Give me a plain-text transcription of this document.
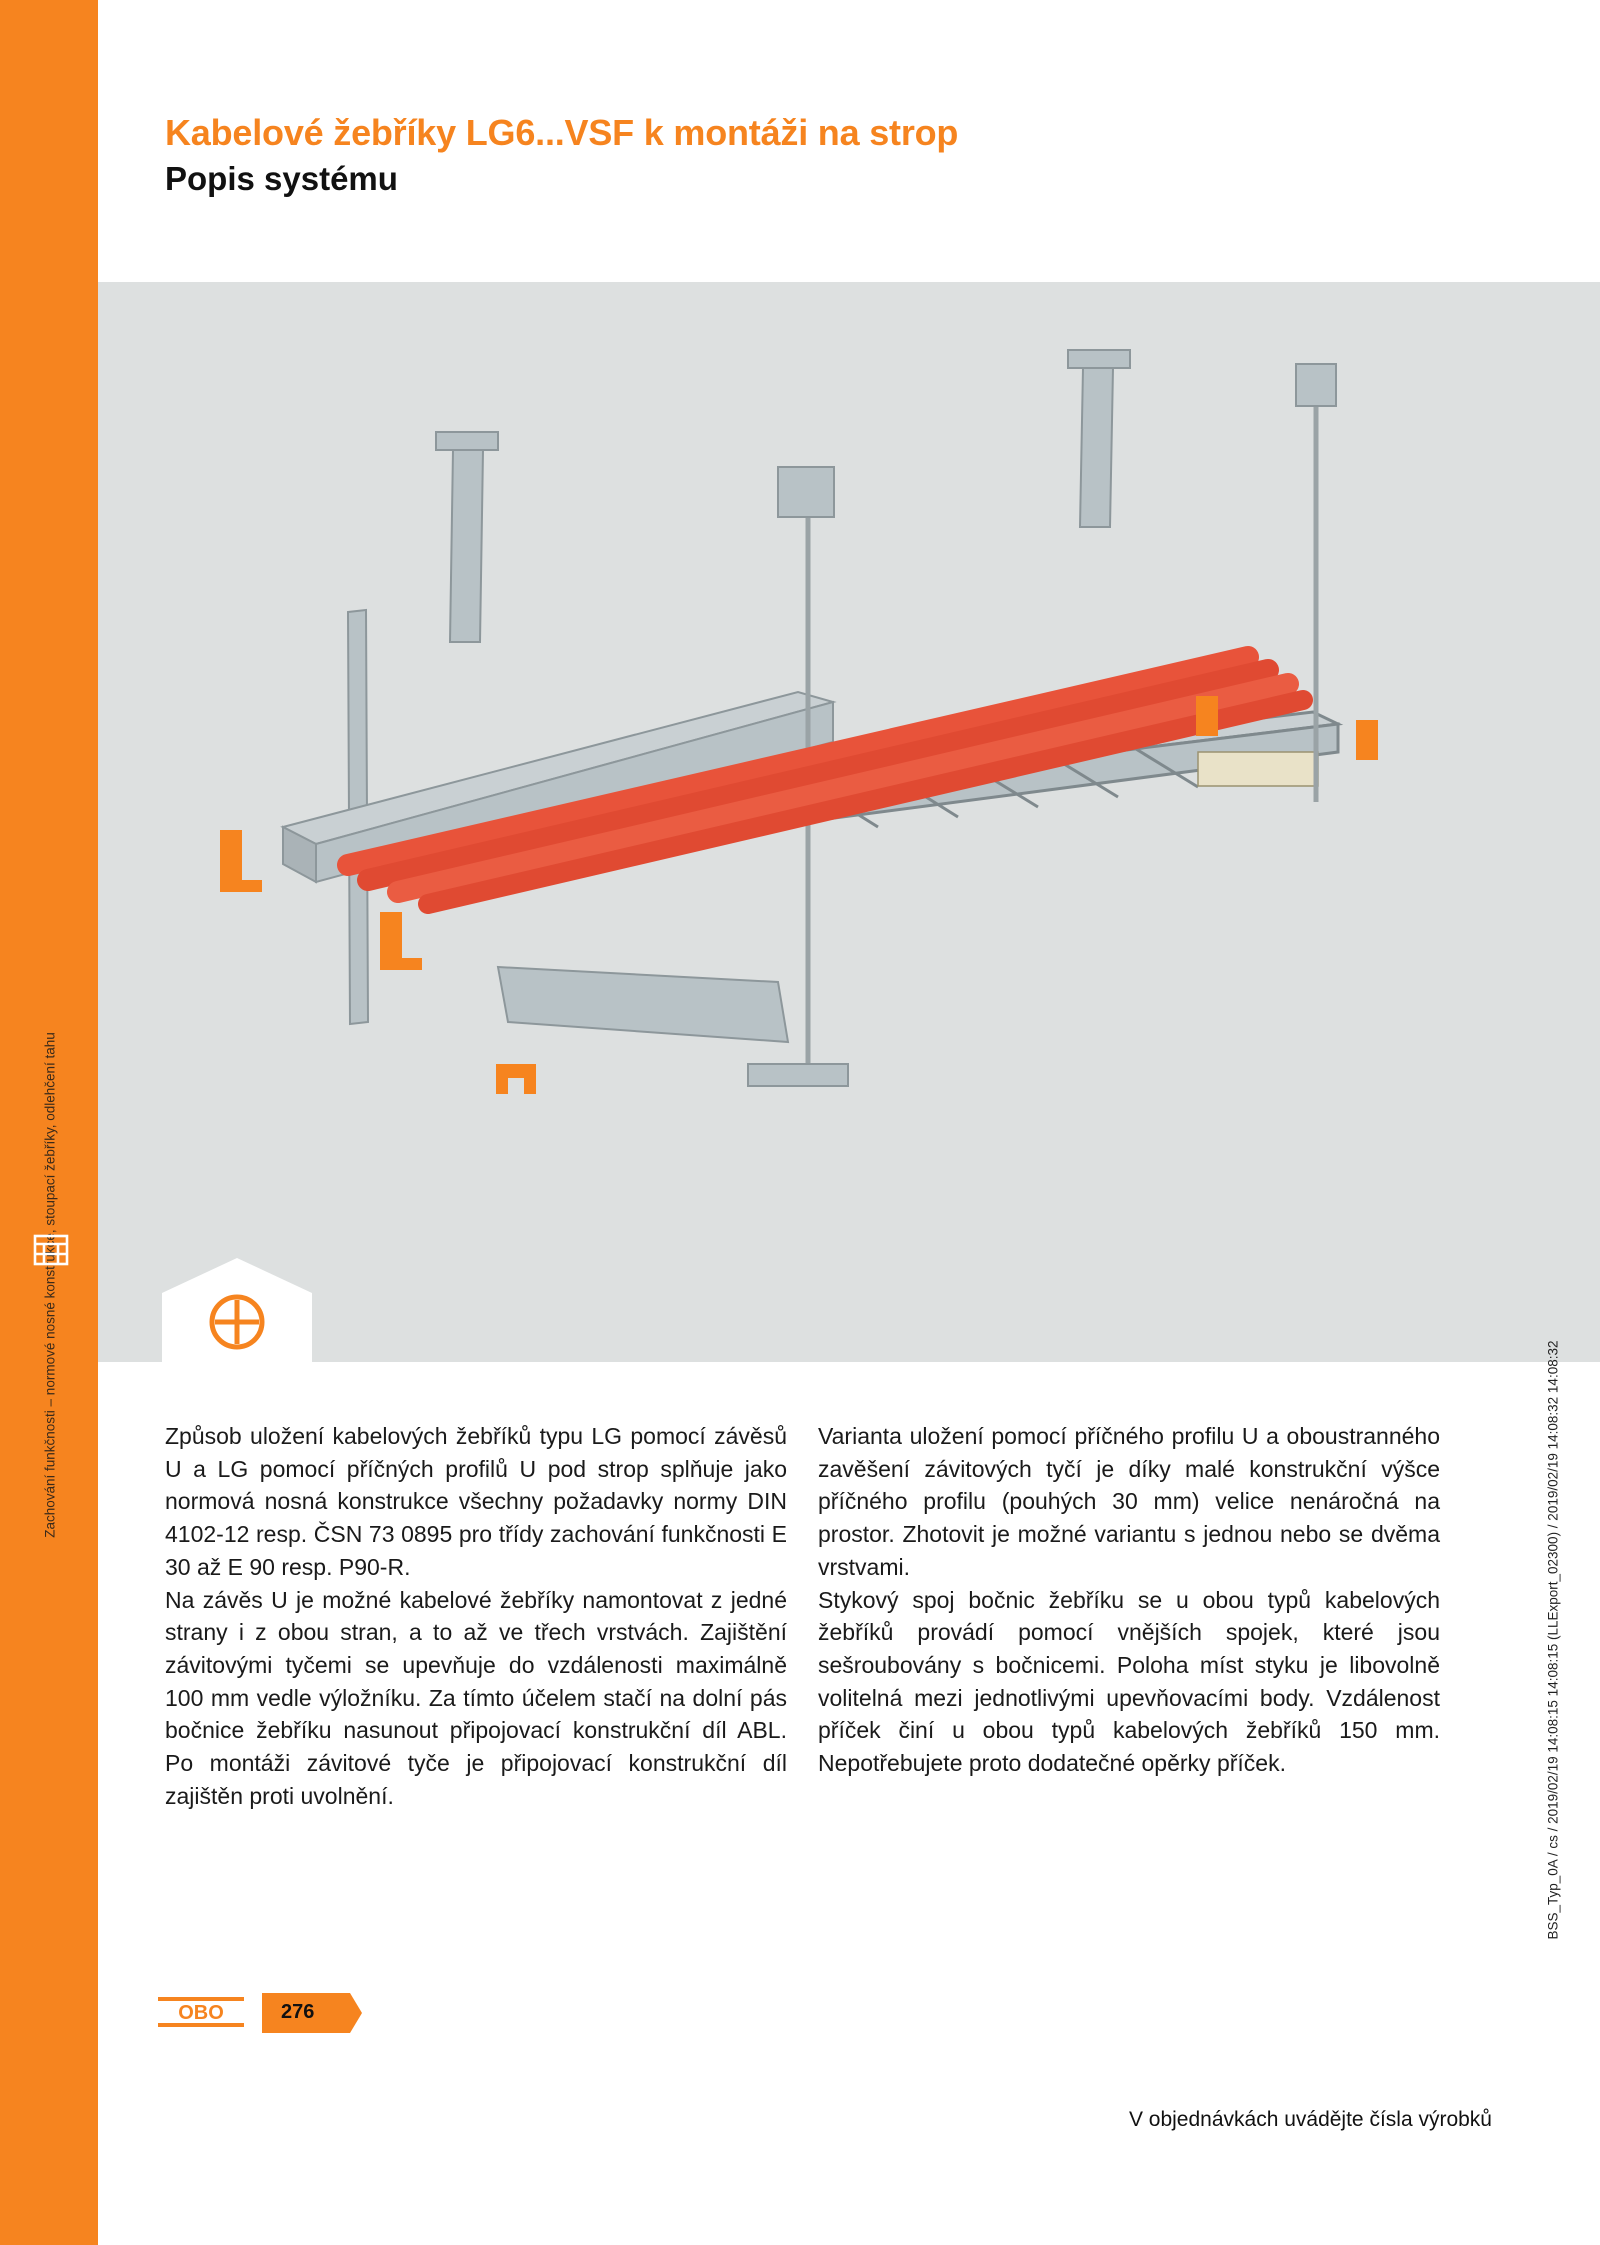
Zachování funkčnosti – normové nosné konstrukce, stoupací žebříky, odlehčení tahu
Kabelové žebříky LG6...VSF k montáži na strop
Popis systému

Způsob uložení kabelových žebříků typu LG pomocí závěsů U a LG pomocí příčných profilů U pod strop splňuje jako normová nosná konstrukce všechny požadavky normy DIN 4102-12 resp. ČSN 73 0895 pro třídy zachování funkčnosti E 30 až E 90 resp. P90-R.

Na závěs U je možné kabelové žebříky namontovat z jedné strany i z obou stran, a to až ve třech vrstvách. Zajištění závitovými tyčemi se upevňuje do vzdálenosti maximálně 100 mm vedle výložníku. Za tímto účelem stačí na dolní pás bočnice žebříku nasunout připojovací konstrukční díl ABL. Po montáži závitové tyče je připojovací konstrukční díl zajištěn proti uvolnění.

Varianta uložení pomocí příčného profilu U a oboustranného zavěšení závitových tyčí je díky malé konstrukční výšce příčného profilu (pouhých 30 mm) velice nenáročná na prostor. Zhotovit je možné variantu s jednou nebo se dvěma vrstvami.

Stykový spoj bočnic žebříku se u obou typů kabelových žebříků provádí pomocí vnějších spojek, které jsou sešroubovány s bočnicemi. Poloha míst styku je libovolně volitelná mezi jednotlivými upevňovacími body. Vzdálenost příček činí u obou typů kabelových žebříků 150 mm. Nepotřebujete proto dodatečné opěrky příček.	BSS_Typ_0A / cs / 2019/02/19 14:08:15 14:08:15 (LLExport_02300) / 2019/02/19 14:08:32 14:08:32
OBO	276
V objednávkách uvádějte čísla výrobků
